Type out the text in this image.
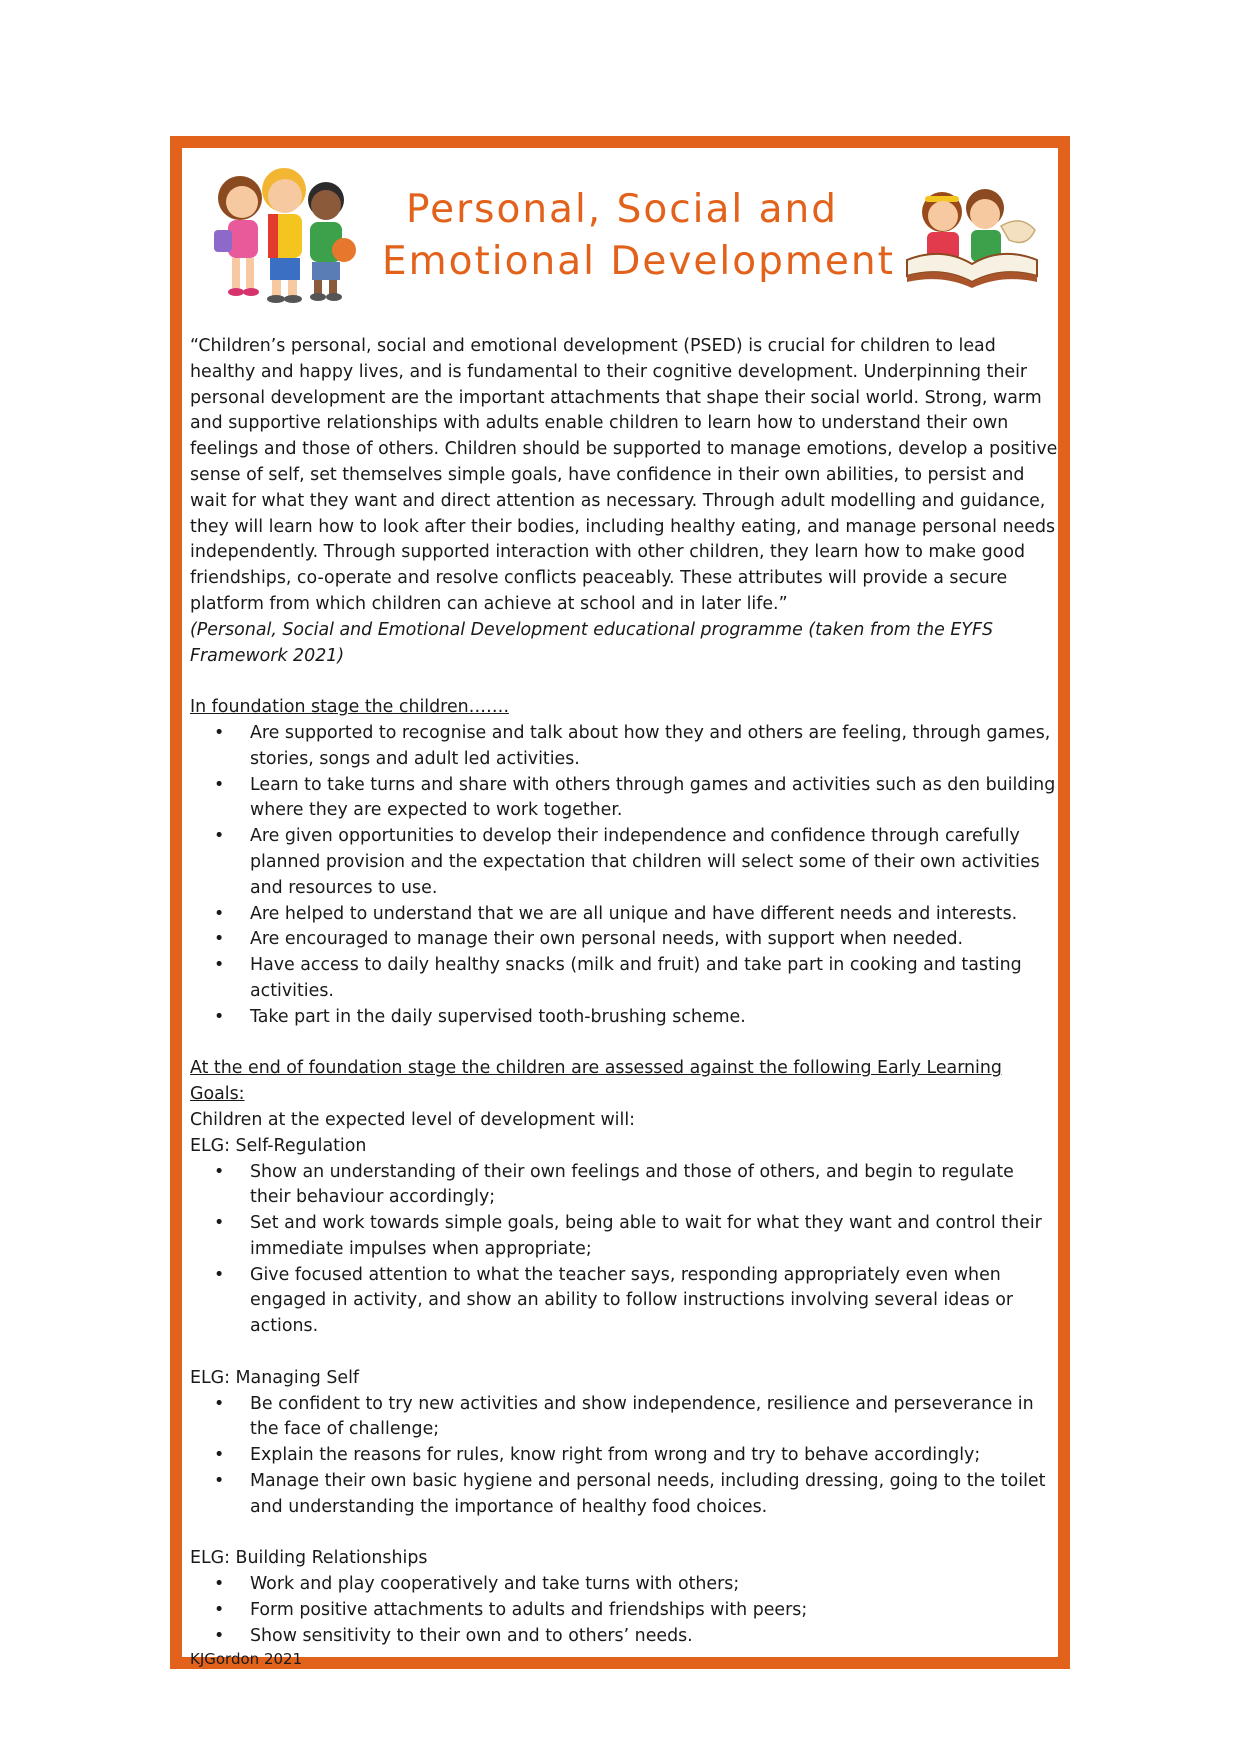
Personal, Social and
Emotional Development

“Children’s personal, social and emotional development (PSED) is crucial for children to lead healthy and happy lives, and is fundamental to their cognitive development. Underpinning their personal development are the important attachments that shape their social world. Strong, warm and supportive relationships with adults enable children to learn how to understand their own feelings and those of others. Children should be supported to manage emotions, develop a positive sense of self, set themselves simple goals, have confidence in their own abilities, to persist and wait for what they want and direct attention as necessary. Through adult modelling and guidance, they will learn how to look after their bodies, including healthy eating, and manage personal needs independently. Through supported interaction with other children, they learn how to make good friendships, co-operate and resolve conflicts peaceably. These attributes will provide a secure platform from which children can achieve at school and in later life.”

(Personal, Social and Emotional Development educational programme (taken from the EYFS Framework 2021)

In foundation stage the children…….

• Are supported to recognise and talk about how they and others are feeling, through games, stories, songs and adult led activities.
• Learn to take turns and share with others through games and activities such as den building where they are expected to work together.
• Are given opportunities to develop their independence and confidence through carefully planned provision and the expectation that children will select some of their own activities and resources to use.
• Are helped to understand that we are all unique and have different needs and interests.
• Are encouraged to manage their own personal needs, with support when needed.
• Have access to daily healthy snacks (milk and fruit) and take part in cooking and tasting activities.
• Take part in the daily supervised tooth-brushing scheme.

At the end of foundation stage the children are assessed against the following Early Learning Goals:

Children at the expected level of development will:

ELG: Self-Regulation

• Show an understanding of their own feelings and those of others, and begin to regulate their behaviour accordingly;
• Set and work towards simple goals, being able to wait for what they want and control their immediate impulses when appropriate;
• Give focused attention to what the teacher says, responding appropriately even when engaged in activity, and show an ability to follow instructions involving several ideas or actions.

ELG: Managing Self

• Be confident to try new activities and show independence, resilience and perseverance in the face of challenge;
• Explain the reasons for rules, know right from wrong and try to behave accordingly;
• Manage their own basic hygiene and personal needs, including dressing, going to the toilet and understanding the importance of healthy food choices.

ELG: Building Relationships

• Work and play cooperatively and take turns with others;
• Form positive attachments to adults and friendships with peers;
• Show sensitivity to their own and to others’ needs.

KJGordon 2021
